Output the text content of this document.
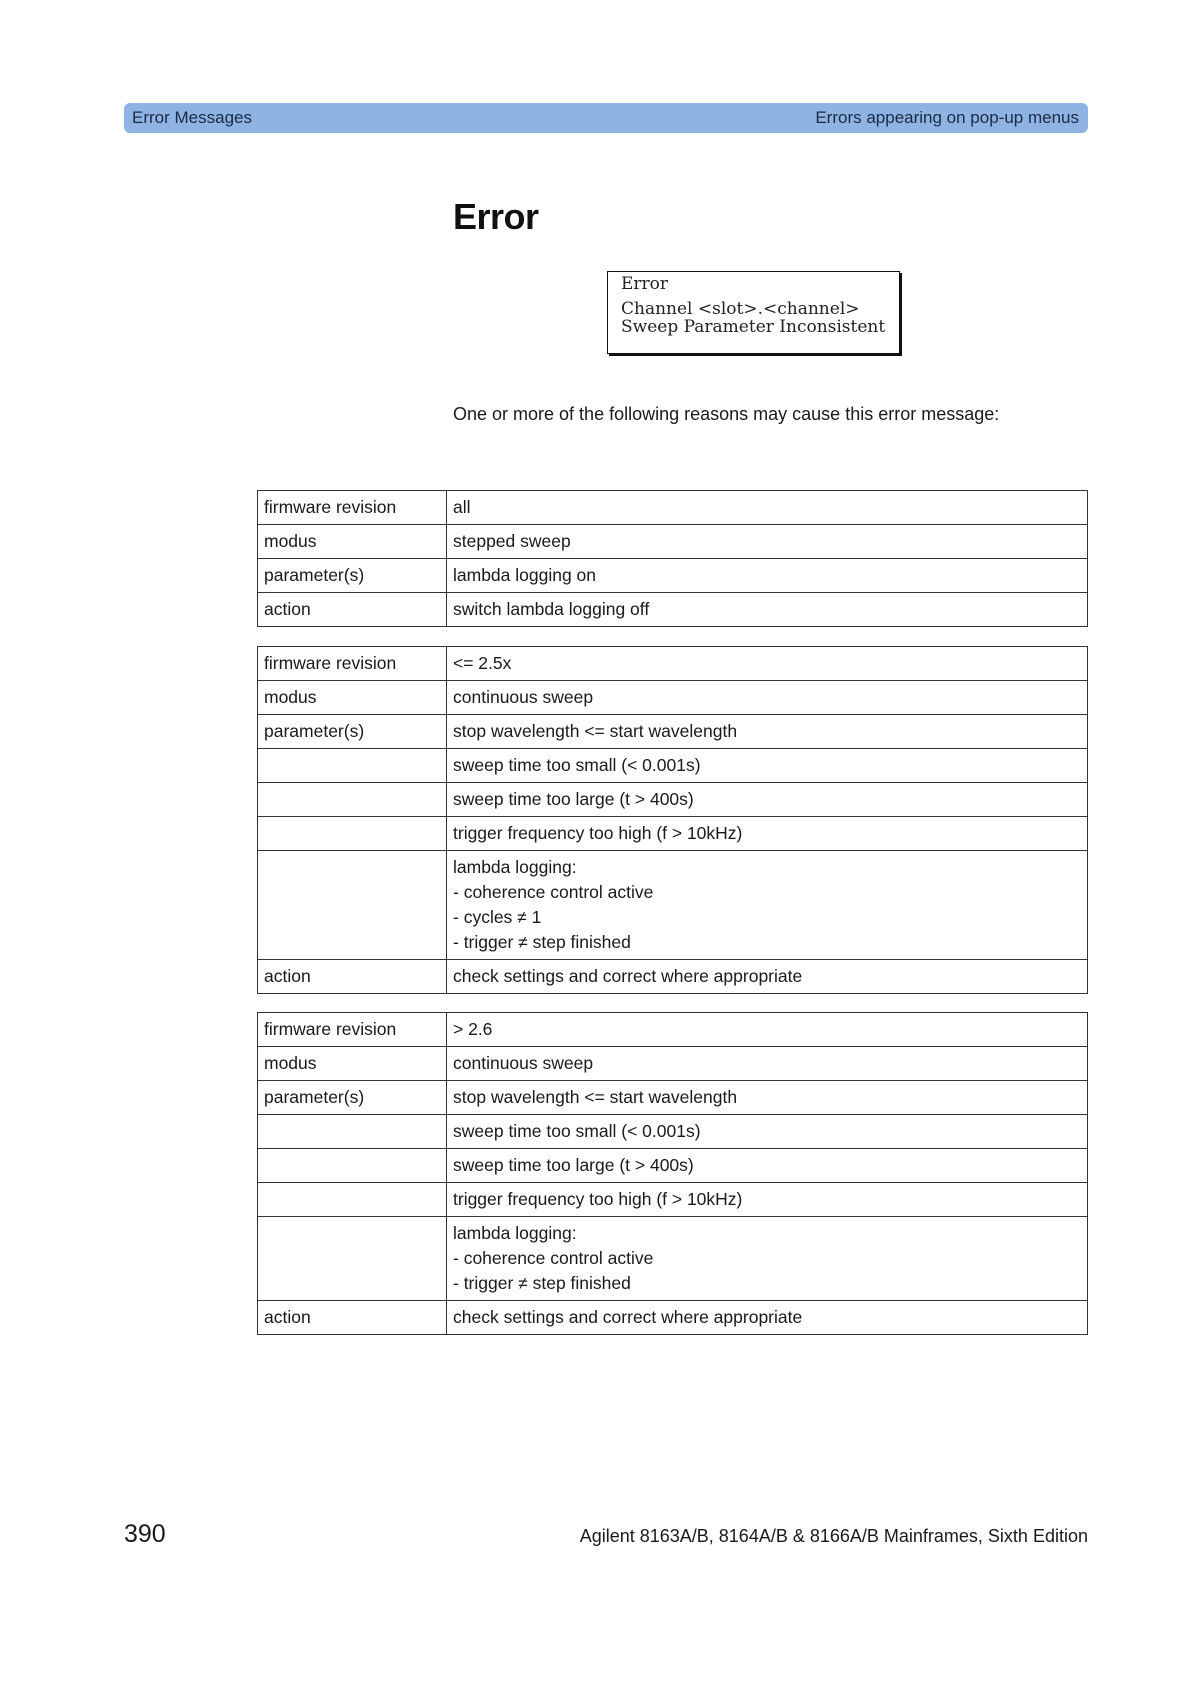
Error Messages	Errors appearing on pop-up menus
Error
Error
Channel <slot>.<channel>
Sweep Parameter Inconsistent

One or more of the following reasons may cause this error message:

firmware revision	all
modus	stepped sweep
parameter(s)	lambda logging on
action	switch lambda logging off
firmware revision	<= 2.5x
modus	continuous sweep
parameter(s)	stop wavelength <= start wavelength
	sweep time too small (< 0.001s)
	sweep time too large (t > 400s)
	trigger frequency too high (f > 10kHz)
	lambda logging:
- coherence control active
- cycles ≠ 1
- trigger ≠ step finished
action	check settings and correct where appropriate
firmware revision	> 2.6
modus	continuous sweep
parameter(s)	stop wavelength <= start wavelength
	sweep time too small (< 0.001s)
	sweep time too large (t > 400s)
	trigger frequency too high (f > 10kHz)
	lambda logging:
- coherence control active
- trigger ≠ step finished
action	check settings and correct where appropriate
390	Agilent 8163A/B, 8164A/B & 8166A/B Mainframes, Sixth Edition
